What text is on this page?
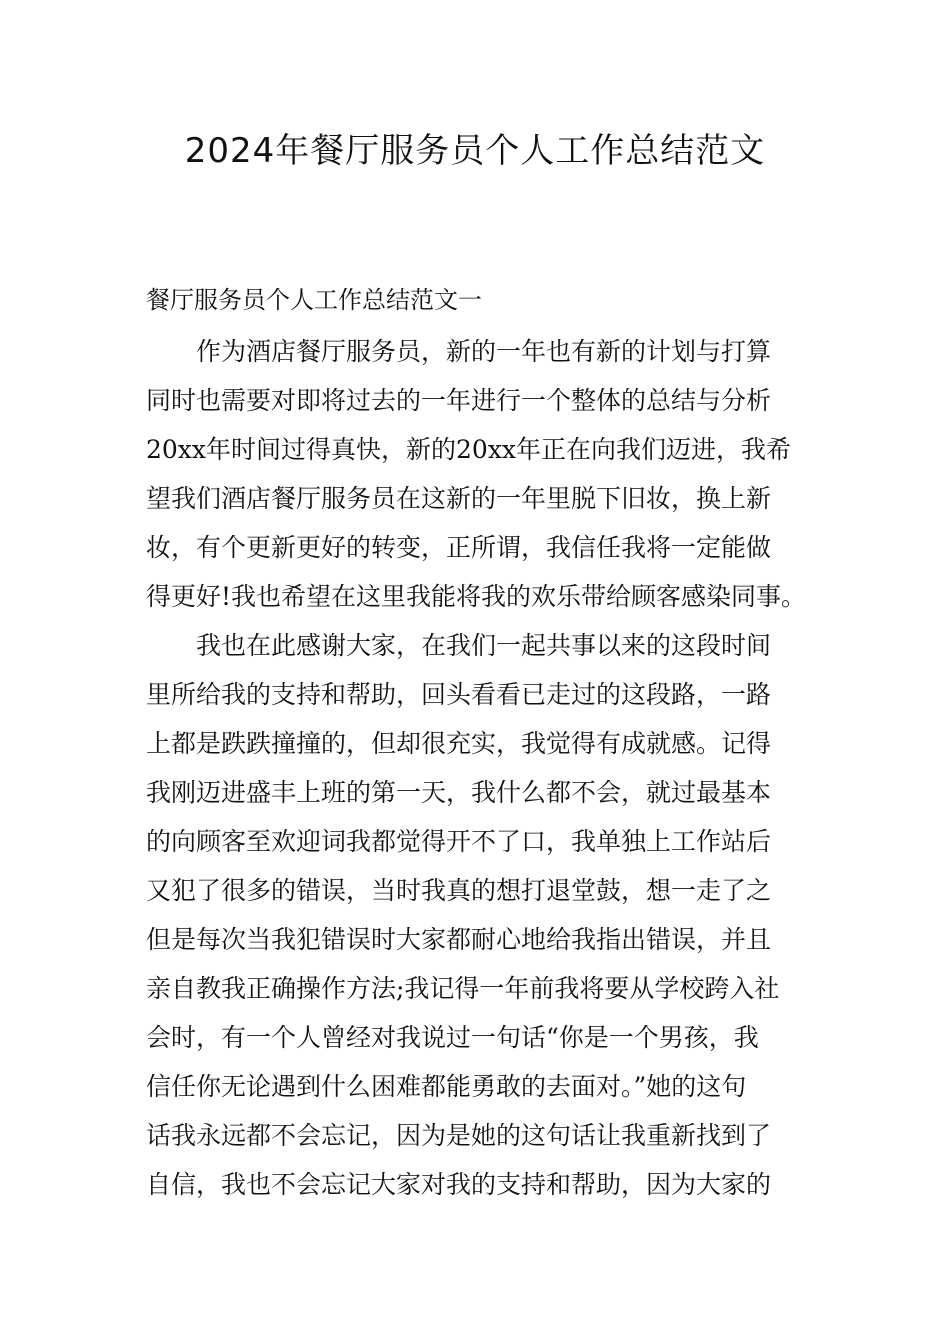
2024年餐厅服务员个人工作总结范文

餐厅服务员个人工作总结范文一

作为酒店餐厅服务员，新的一年也有新的计划与打算

同时也需要对即将过去的一年进行一个整体的总结与分析

20xx年时间过得真快，新的20xx年正在向我们迈进，我希

望我们酒店餐厅服务员在这新的一年里脱下旧妆，换上新

妆，有个更新更好的转变，正所谓，我信任我将一定能做

得更好!我也希望在这里我能将我的欢乐带给顾客感染同事。

我也在此感谢大家，在我们一起共事以来的这段时间

里所给我的支持和帮助，回头看看已走过的这段路，一路

上都是跌跌撞撞的，但却很充实，我觉得有成就感。记得

我刚迈进盛丰上班的第一天，我什么都不会，就过最基本

的向顾客至欢迎词我都觉得开不了口，我单独上工作站后

又犯了很多的错误，当时我真的想打退堂鼓，想一走了之

但是每次当我犯错误时大家都耐心地给我指出错误，并且

亲自教我正确操作方法;我记得一年前我将要从学校跨入社

会时，有一个人曾经对我说过一句话“你是一个男孩，我

信任你无论遇到什么困难都能勇敢的去面对。”她的这句

话我永远都不会忘记，因为是她的这句话让我重新找到了

自信，我也不会忘记大家对我的支持和帮助，因为大家的
